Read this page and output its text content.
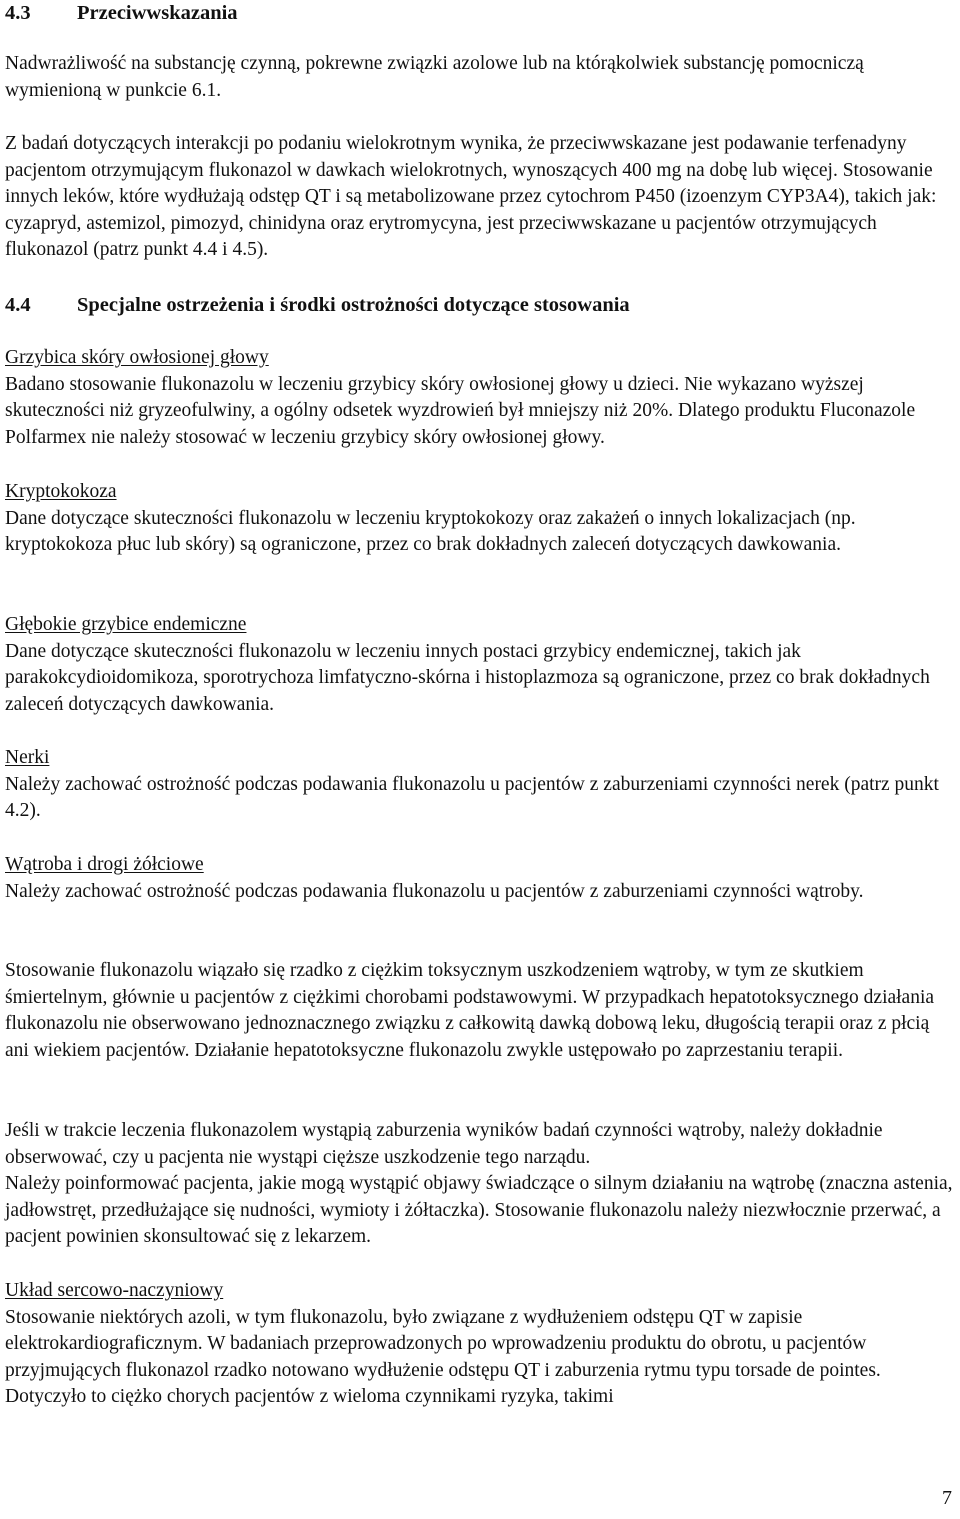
4.3 Przeciwwskazania

Nadwrażliwość na substancję czynną, pokrewne związki azolowe lub na którąkolwiek substancję pomocniczą wymienioną w punkcie 6.1.

Z badań dotyczących interakcji po podaniu wielokrotnym wynika, że przeciwwskazane jest podawanie terfenadyny pacjentom otrzymującym flukonazol w dawkach wielokrotnych, wynoszących 400 mg na dobę lub więcej. Stosowanie innych leków, które wydłużają odstęp QT i są metabolizowane przez cytochrom P450 (izoenzym CYP3A4), takich jak: cyzapryd, astemizol, pimozyd, chinidyna oraz erytromycyna, jest przeciwwskazane u pacjentów otrzymujących flukonazol (patrz punkt 4.4 i 4.5).

4.4 Specjalne ostrzeżenia i środki ostrożności dotyczące stosowania

Grzybica skóry owłosionej głowy

Badano stosowanie flukonazolu w leczeniu grzybicy skóry owłosionej głowy u dzieci. Nie wykazano wyższej skuteczności niż gryzeofulwiny, a ogólny odsetek wyzdrowień był mniejszy niż 20%. Dlatego produktu Fluconazole Polfarmex nie należy stosować w leczeniu grzybicy skóry owłosionej głowy.

Kryptokokoza

Dane dotyczące skuteczności flukonazolu w leczeniu kryptokokozy oraz zakażeń o innych lokalizacjach (np. kryptokokoza płuc lub skóry) są ograniczone, przez co brak dokładnych zaleceń dotyczących dawkowania.

Głębokie grzybice endemiczne

Dane dotyczące skuteczności flukonazolu w leczeniu innych postaci grzybicy endemicznej, takich jak parakokcydioidomikoza, sporotrychoza limfatyczno-skórna i histoplazmoza są ograniczone, przez co brak dokładnych zaleceń dotyczących dawkowania.

Nerki

Należy zachować ostrożność podczas podawania flukonazolu u pacjentów z zaburzeniami czynności nerek (patrz punkt 4.2).

Wątroba i drogi żółciowe

Należy zachować ostrożność podczas podawania flukonazolu u pacjentów z zaburzeniami czynności wątroby.

Stosowanie flukonazolu wiązało się rzadko z ciężkim toksycznym uszkodzeniem wątroby, w tym ze skutkiem śmiertelnym, głównie u pacjentów z ciężkimi chorobami podstawowymi. W przypadkach hepatotoksycznego działania flukonazolu nie obserwowano jednoznacznego związku z całkowitą dawką dobową leku, długością terapii oraz z płcią ani wiekiem pacjentów. Działanie hepatotoksyczne flukonazolu zwykle ustępowało po zaprzestaniu terapii.

Jeśli w trakcie leczenia flukonazolem wystąpią zaburzenia wyników badań czynności wątroby, należy dokładnie obserwować, czy u pacjenta nie wystąpi cięższe uszkodzenie tego narządu.

Należy poinformować pacjenta, jakie mogą wystąpić objawy świadczące o silnym działaniu na wątrobę (znaczna astenia, jadłowstręt, przedłużające się nudności, wymioty i żółtaczka). Stosowanie flukonazolu należy niezwłocznie przerwać, a pacjent powinien skonsultować się z lekarzem.

Układ sercowo-naczyniowy

Stosowanie niektórych azoli, w tym flukonazolu, było związane z wydłużeniem odstępu QT w zapisie elektrokardiograficznym. W badaniach przeprowadzonych po wprowadzeniu produktu do obrotu, u pacjentów przyjmujących flukonazol rzadko notowano wydłużenie odstępu QT i zaburzenia rytmu typu torsade de pointes. Dotyczyło to ciężko chorych pacjentów z wieloma czynnikami ryzyka, takimi

7
